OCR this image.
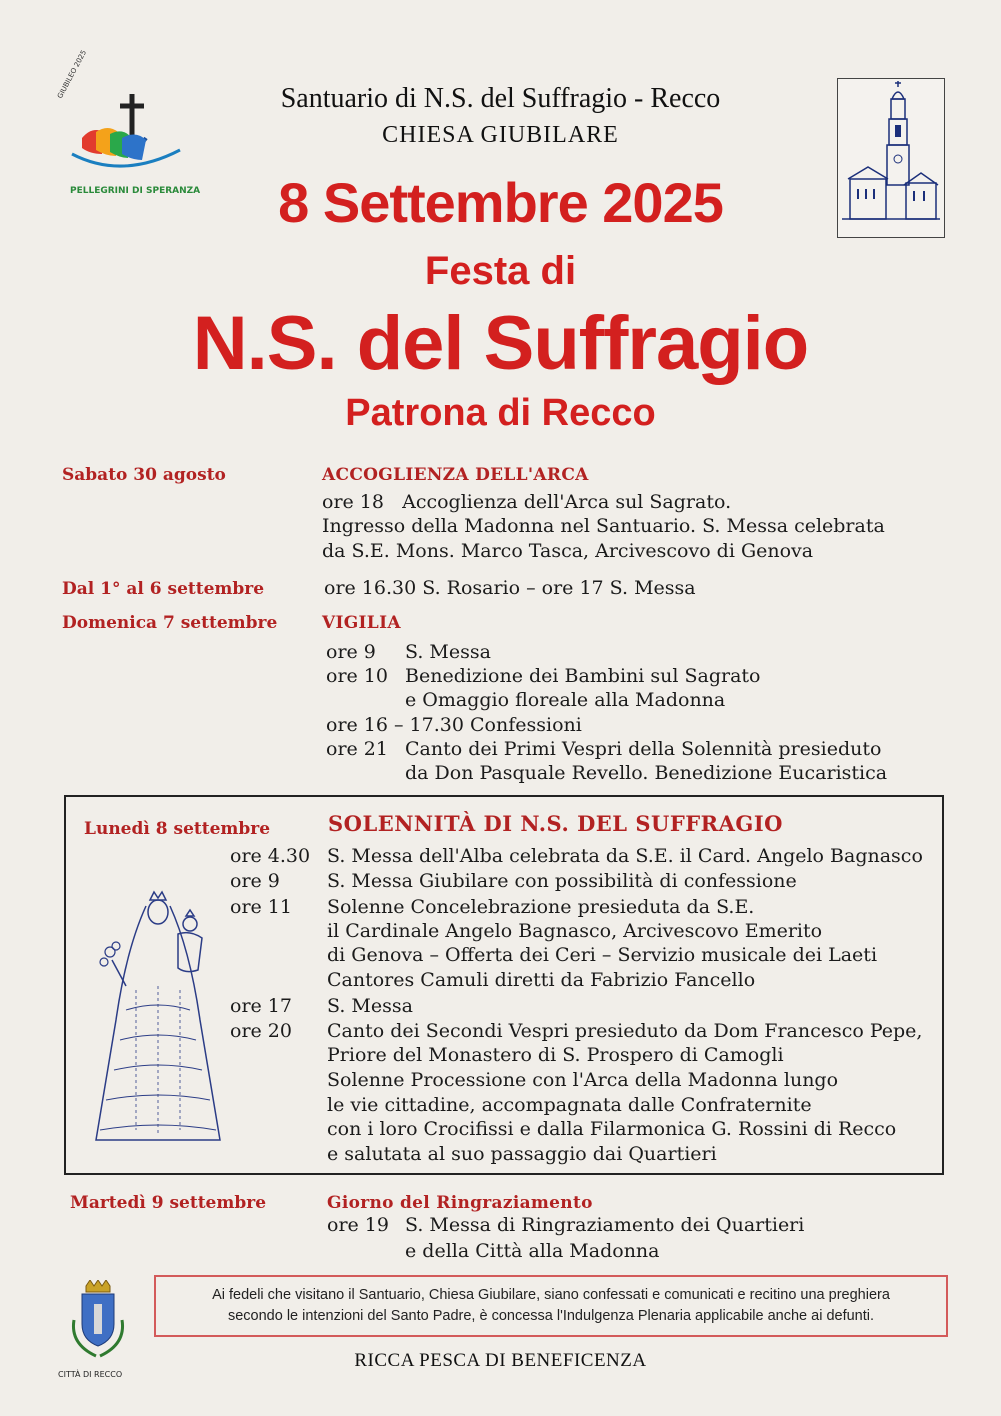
GIUBILEO 2025
PELLEGRINI DI SPERANZA
Santuario di N.S. del Suffragio - Recco
CHIESA GIUBILARE
8 Settembre 2025
Festa di
N.S. del Suffragio
Patrona di Recco
Sabato 30 agosto	ACCOGLIENZA DELL'ARCA
ore 18   Accoglienza dell'Arca sul Sagrato.
Ingresso della Madonna nel Santuario. S. Messa celebrata
da S.E. Mons. Marco Tasca, Arcivescovo di Genova
Dal 1° al 6 settembre	ore 16.30 S. Rosario – ore 17 S. Messa
Domenica 7 settembre	VIGILIA
ore 9 S. Messa
ore 10 Benedizione dei Bambini sul Sagrato
e Omaggio floreale alla Madonna
ore 16 – 17.30 Confessioni
ore 21 Canto dei Primi Vespri della Solennità presieduto
da Don Pasquale Revello. Benedizione Eucaristica
Lunedì 8 settembre	SOLENNITÀ DI N.S. DEL SUFFRAGIO
ore 4.30 S. Messa dell'Alba celebrata da S.E. il Card. Angelo Bagnasco
ore 9 S. Messa Giubilare con possibilità di confessione
ore 11 Solenne Concelebrazione presieduta da S.E.
il Cardinale Angelo Bagnasco, Arcivescovo Emerito
di Genova – Offerta dei Ceri – Servizio musicale dei Laeti
Cantores Camuli diretti da Fabrizio Fancello
ore 17 S. Messa
ore 20 Canto dei Secondi Vespri presieduto da Dom Francesco Pepe,
Priore del Monastero di S. Prospero di Camogli
Solenne Processione con l'Arca della Madonna lungo
le vie cittadine, accompagnata dalle Confraternite
con i loro Crocifissi e dalla Filarmonica G. Rossini di Recco
e salutata al suo passaggio dai Quartieri
Martedì 9 settembre	Giorno del Ringraziamento
ore 19 S. Messa di Ringraziamento dei Quartieri
e della Città alla Madonna
CITTÀ DI RECCO
Ai fedeli che visitano il Santuario, Chiesa Giubilare, siano confessati e comunicati e recitino una preghiera
secondo le intenzioni del Santo Padre, è concessa l'Indulgenza Plenaria applicabile anche ai defunti.
RICCA PESCA DI BENEFICENZA
